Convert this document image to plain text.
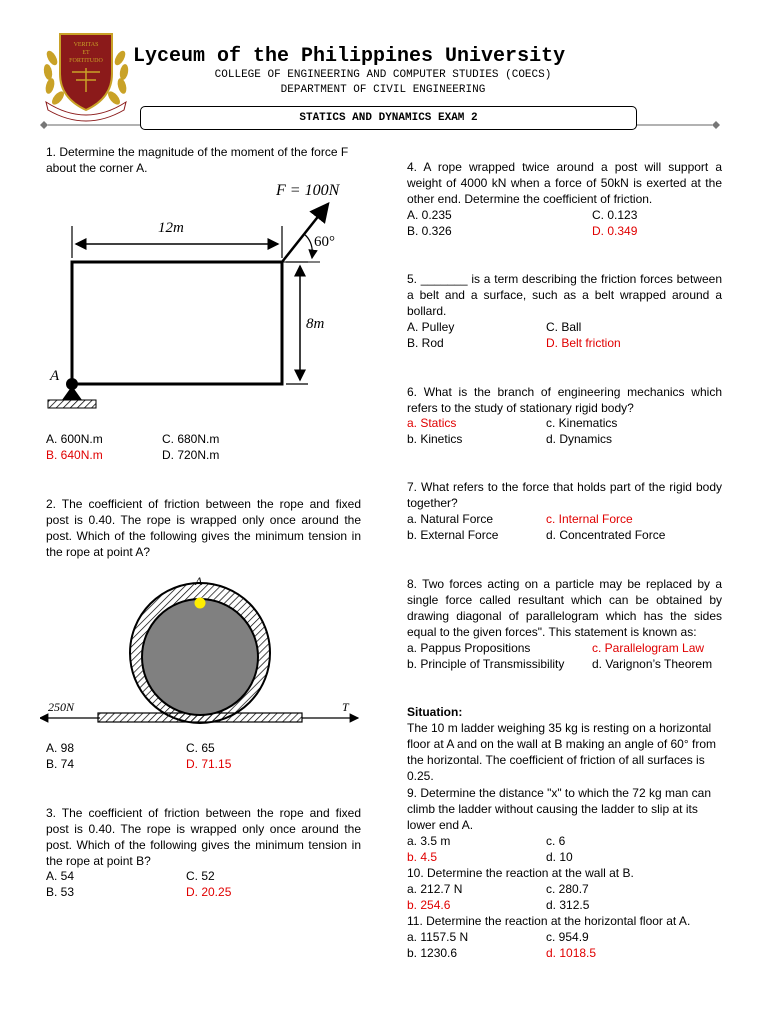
VERITAS
ET
FORTITUDO Lyceum of the Philippines University
COLLEGE OF ENGINEERING AND COMPUTER STUDIES (COECS)
DEPARTMENT OF CIVIL ENGINEERING
STATICS AND DYNAMICS EXAM 2
1. Determine the magnitude of the moment of the force F about the corner A.
F = 100N
12m
60°
8m
A
A. 600N.m
B. 640N.m
C. 680N.m
D. 720N.m
2. The coefficient of friction between the rope and fixed post is 0.40. The rope is wrapped only once around the post. Which of the following gives the minimum tension in the rope at point A?
A
250N	T
A. 98
B. 74
C. 65
D. 71.15
3. The coefficient of friction between the rope and fixed post is 0.40. The rope is wrapped only once around the post. Which of the following gives the minimum tension in the rope at point B?
A. 54
B. 53
C. 52
D. 20.25
4. A rope wrapped twice around a post will support a weight of 4000 kN when a force of 50kN is exerted at the other end. Determine the coefficient of friction.
A. 0.235
B. 0.326
C. 0.123
D. 0.349
5. _______ is a term describing the friction forces between a belt and a surface, such as a belt wrapped around a bollard.
A. Pulley
B. Rod
C. Ball
D. Belt friction
6. What is the branch of engineering mechanics which refers to the study of stationary rigid body?
a. Statics
b. Kinetics
c. Kinematics
d. Dynamics
7. What refers to the force that holds part of the rigid body together?
a. Natural Force
b. External Force
c. Internal Force
d. Concentrated Force
8. Two forces acting on a particle may be replaced by a single force called resultant which can be obtained by drawing diagonal of parallelogram which has the sides equal to the given forces". This statement is known as:
a. Pappus Propositions
b. Principle of Transmissibility
c. Parallelogram Law
d. Varignon’s Theorem
Situation:
The 10 m ladder weighing 35 kg is resting on a horizontal floor at A and on the wall at B making an angle of 60° from the horizontal. The coefficient of friction of all surfaces is 0.25.
9. Determine the distance "x" to which the 72 kg man can climb the ladder without causing the ladder to slip at its lower end A.
a. 3.5 m
b. 4.5
c. 6
d. 10
10. Determine the reaction at the wall at B.
a. 212.7 N
b. 254.6
c. 280.7
d. 312.5
11. Determine the reaction at the horizontal floor at A.
a. 1157.5 N
b. 1230.6
c. 954.9
d. 1018.5
